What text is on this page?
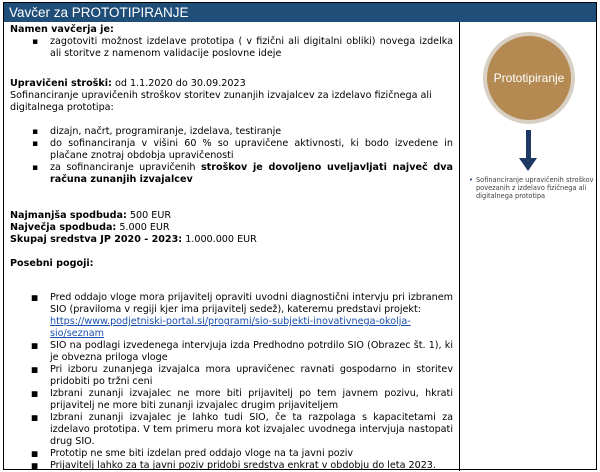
Vavčer za PROTOTIPIRANJE
Namen vavčerja je:
▪ zagotoviti možnost izdelave prototipa ( v fizični ali digitalni obliki) novega izdelka ali storitve z namenom validacije poslovne ideje
Upravičeni stroški: od 1.1.2020 do 30.09.2023
Sofinanciranje upravičenih stroškov storitev zunanjih izvajalcev za izdelavo fizičnega ali digitalnega prototipa:
▪ dizajn, načrt, programiranje, izdelava, testiranje
▪ do sofinanciranja v višini 60 % so upravičene aktivnosti, ki bodo izvedene in plačane znotraj obdobja upravičenosti
▪ za sofinanciranje upravičenih stroškov je dovoljeno uveljavljati največ dva računa zunanjih izvajalcev
Najmanjša spodbuda: 500 EUR
Največja spodbuda: 5.000 EUR
Skupaj sredstva JP 2020 - 2023: 1.000.000 EUR
Posebni pogoji:
■ Pred oddajo vloge mora prijavitelj opraviti uvodni diagnostični intervju pri izbranem SIO (praviloma v regiji kjer ima prijavitelj sedež), kateremu predstavi projekt:
https://www.podjetniski-portal.si/programi/sio-subjekti-inovativnega-okolja-sio/seznam
■ SIO na podlagi izvedenega intervjuja izda Predhodno potrdilo SIO (Obrazec št. 1), ki je obvezna priloga vloge
■ Pri izboru zunanjega izvajalca mora upravičenec ravnati gospodarno in storitev pridobiti po tržni ceni
■ Izbrani zunanji izvajalec ne more biti prijavitelj po tem javnem pozivu, hkrati prijavitelj ne more biti zunanji izvajalec drugim prijaviteljem
■ Izbrani zunanji izvajalec je lahko tudi SIO, če ta razpolaga s kapacitetami za izdelavo prototipa. V tem primeru mora kot izvajalec uvodnega intervjuja nastopati drug SIO.
■ Prototip ne sme biti izdelan pred oddajo vloge na ta javni poziv
■ Prijavitelj lahko za ta javni poziv pridobi sredstva enkrat v obdobju do leta 2023.
Prototipiranje
• Sofinanciranje upravičenih stroškov povezanih z izdelavo fizičnega ali digitalnega prototipa
